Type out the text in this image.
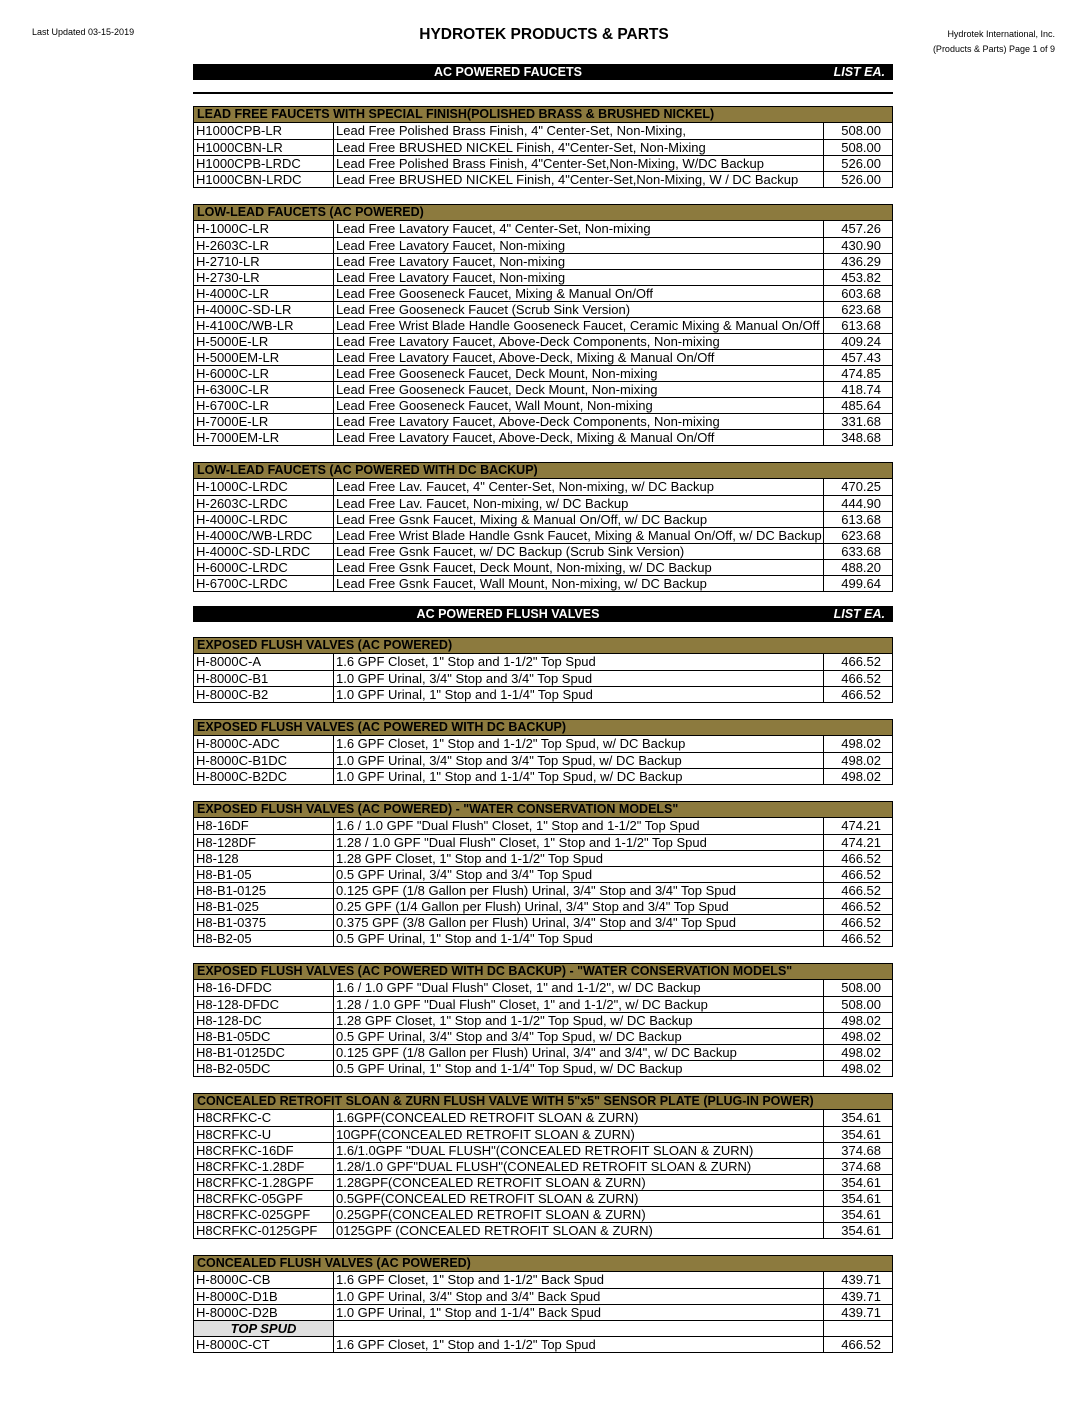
Last Updated 03-15-2019	HYDROTEK PRODUCTS & PARTS	Hydrotek International, Inc.
(Products & Parts) Page 1 of 9
AC POWERED FAUCETS	LIST EA.
LEAD FREE FAUCETS WITH SPECIAL FINISH(POLISHED BRASS & BRUSHED NICKEL)
H1000CPB-LR	Lead Free Polished Brass Finish, 4" Center-Set, Non-Mixing,	508.00
H1000CBN-LR	Lead Free BRUSHED NICKEL Finish, 4"Center-Set, Non-Mixing	508.00
H1000CPB-LRDC	Lead Free Polished Brass Finish, 4"Center-Set,Non-Mixing, W/DC Backup	526.00
H1000CBN-LRDC	Lead Free BRUSHED NICKEL Finish, 4"Center-Set,Non-Mixing, W / DC Backup	526.00
LOW-LEAD FAUCETS (AC POWERED)
H-1000C-LR	Lead Free Lavatory Faucet, 4" Center-Set, Non-mixing	457.26
H-2603C-LR	Lead Free Lavatory Faucet, Non-mixing	430.90
H-2710-LR	Lead Free Lavatory Faucet, Non-mixing	436.29
H-2730-LR	Lead Free Lavatory Faucet, Non-mixing	453.82
H-4000C-LR	Lead Free Gooseneck Faucet, Mixing & Manual On/Off	603.68
H-4000C-SD-LR	Lead Free Gooseneck Faucet (Scrub Sink Version)	623.68
H-4100C/WB-LR	Lead Free Wrist Blade Handle Gooseneck Faucet, Ceramic Mixing & Manual On/Off	613.68
H-5000E-LR	Lead Free Lavatory Faucet, Above-Deck Components, Non-mixing	409.24
H-5000EM-LR	Lead Free Lavatory Faucet, Above-Deck, Mixing & Manual On/Off	457.43
H-6000C-LR	Lead Free Gooseneck Faucet, Deck Mount, Non-mixing	474.85
H-6300C-LR	Lead Free Gooseneck Faucet, Deck Mount, Non-mixing	418.74
H-6700C-LR	Lead Free Gooseneck Faucet, Wall Mount, Non-mixing	485.64
H-7000E-LR	Lead Free Lavatory Faucet, Above-Deck Components, Non-mixing	331.68
H-7000EM-LR	Lead Free Lavatory Faucet, Above-Deck, Mixing & Manual On/Off	348.68
LOW-LEAD FAUCETS (AC POWERED WITH DC BACKUP)
H-1000C-LRDC	Lead Free Lav. Faucet, 4" Center-Set, Non-mixing, w/ DC Backup	470.25
H-2603C-LRDC	Lead Free Lav. Faucet, Non-mixing, w/ DC Backup	444.90
H-4000C-LRDC	Lead Free Gsnk Faucet, Mixing & Manual On/Off, w/ DC Backup	613.68
H-4000C/WB-LRDC	Lead Free Wrist Blade Handle Gsnk Faucet, Mixing & Manual On/Off, w/ DC Backup	623.68
H-4000C-SD-LRDC	Lead Free Gsnk Faucet, w/ DC Backup (Scrub Sink Version)	633.68
H-6000C-LRDC	Lead Free Gsnk Faucet, Deck Mount, Non-mixing, w/ DC Backup	488.20
H-6700C-LRDC	Lead Free Gsnk Faucet, Wall Mount, Non-mixing, w/ DC Backup	499.64
AC POWERED FLUSH VALVES	LIST EA.
EXPOSED FLUSH VALVES (AC POWERED)
H-8000C-A	1.6 GPF Closet, 1" Stop and 1-1/2" Top Spud	466.52
H-8000C-B1	1.0 GPF Urinal, 3/4" Stop and 3/4" Top Spud	466.52
H-8000C-B2	1.0 GPF Urinal, 1" Stop and 1-1/4" Top Spud	466.52
EXPOSED FLUSH VALVES (AC POWERED WITH DC BACKUP)
H-8000C-ADC	1.6 GPF Closet, 1" Stop and 1-1/2" Top Spud, w/ DC Backup	498.02
H-8000C-B1DC	1.0 GPF Urinal, 3/4" Stop and 3/4" Top Spud, w/ DC Backup	498.02
H-8000C-B2DC	1.0 GPF Urinal, 1" Stop and 1-1/4" Top Spud, w/ DC Backup	498.02
EXPOSED FLUSH VALVES (AC POWERED) - "WATER CONSERVATION MODELS"
H8-16DF	1.6 / 1.0 GPF "Dual Flush" Closet, 1" Stop and 1-1/2" Top Spud	474.21
H8-128DF	1.28 / 1.0 GPF "Dual Flush" Closet, 1" Stop and 1-1/2" Top Spud	474.21
H8-128	1.28 GPF Closet, 1" Stop and 1-1/2" Top Spud	466.52
H8-B1-05	0.5 GPF Urinal, 3/4" Stop and 3/4" Top Spud	466.52
H8-B1-0125	0.125 GPF (1/8 Gallon per Flush) Urinal, 3/4" Stop and 3/4" Top Spud	466.52
H8-B1-025	0.25 GPF (1/4 Gallon per Flush) Urinal, 3/4" Stop and 3/4" Top Spud	466.52
H8-B1-0375	0.375 GPF (3/8 Gallon per Flush) Urinal, 3/4" Stop and 3/4" Top Spud	466.52
H8-B2-05	0.5 GPF Urinal, 1" Stop and 1-1/4" Top Spud	466.52
EXPOSED FLUSH VALVES (AC POWERED WITH DC BACKUP) - "WATER CONSERVATION MODELS"
H8-16-DFDC	1.6 / 1.0 GPF "Dual Flush" Closet, 1" and 1-1/2", w/ DC Backup	508.00
H8-128-DFDC	1.28 / 1.0 GPF "Dual Flush" Closet, 1" and 1-1/2", w/ DC Backup	508.00
H8-128-DC	1.28 GPF Closet, 1" Stop and 1-1/2" Top Spud, w/ DC Backup	498.02
H8-B1-05DC	0.5 GPF Urinal, 3/4" Stop and 3/4" Top Spud, w/ DC Backup	498.02
H8-B1-0125DC	0.125 GPF (1/8 Gallon per Flush) Urinal, 3/4" and 3/4", w/ DC Backup	498.02
H8-B2-05DC	0.5 GPF Urinal, 1" Stop and 1-1/4" Top Spud, w/ DC Backup	498.02
CONCEALED RETROFIT SLOAN & ZURN FLUSH VALVE WITH 5"x5" SENSOR PLATE (PLUG-IN POWER)
H8CRFKC-C	1.6GPF(CONCEALED RETROFIT SLOAN & ZURN)	354.61
H8CRFKC-U	10GPF(CONCEALED RETROFIT SLOAN & ZURN)	354.61
H8CRFKC-16DF	1.6/1.0GPF "DUAL FLUSH"(CONCEALED RETROFIT SLOAN & ZURN)	374.68
H8CRFKC-1.28DF	1.28/1.0 GPF"DUAL FLUSH"(CONEALED RETROFIT SLOAN & ZURN)	374.68
H8CRFKC-1.28GPF	1.28GPF(CONCEALED RETROFIT SLOAN & ZURN)	354.61
H8CRFKC-05GPF	0.5GPF(CONCEALED RETROFIT SLOAN & ZURN)	354.61
H8CRFKC-025GPF	0.25GPF(CONCEALED RETROFIT SLOAN & ZURN)	354.61
H8CRFKC-0125GPF	0125GPF (CONCEALED RETROFIT SLOAN & ZURN)	354.61
CONCEALED FLUSH VALVES (AC POWERED)
H-8000C-CB	1.6 GPF Closet, 1" Stop and 1-1/2" Back Spud	439.71
H-8000C-D1B	1.0 GPF Urinal, 3/4" Stop and 3/4" Back Spud	439.71
H-8000C-D2B	1.0 GPF Urinal, 1" Stop and 1-1/4" Back Spud	439.71
TOP SPUD
H-8000C-CT	1.6 GPF Closet, 1" Stop and 1-1/2" Top Spud	466.52
